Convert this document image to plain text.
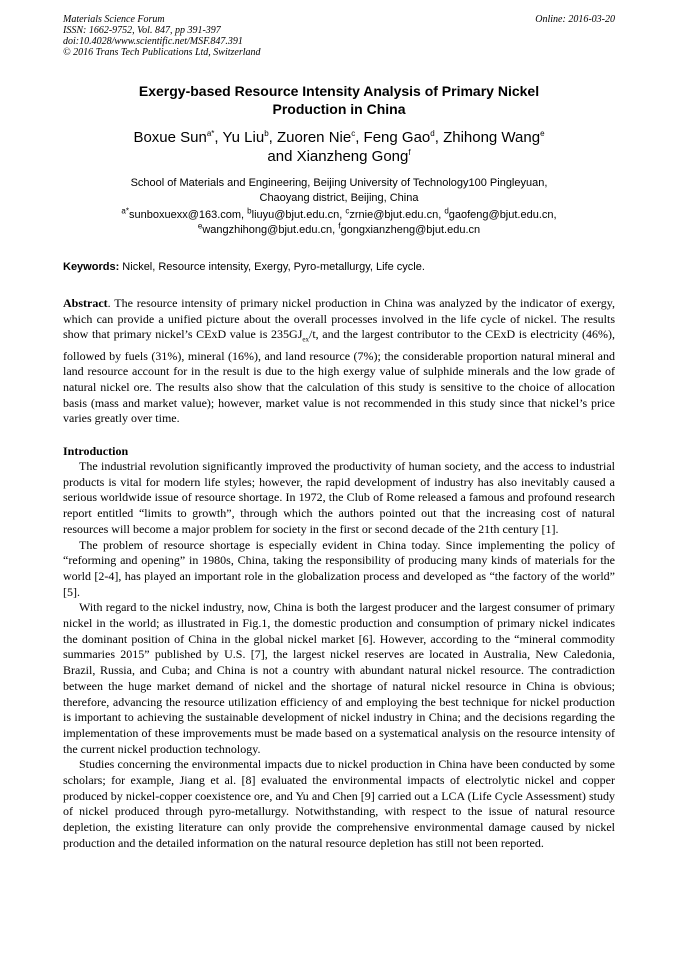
Materials Science Forum
ISSN: 1662-9752, Vol. 847, pp 391-397
doi:10.4028/www.scientific.net/MSF.847.391
© 2016 Trans Tech Publications Ltd, Switzerland
Online: 2016-03-20
Exergy-based Resource Intensity Analysis of Primary Nickel
Production in China
Boxue Sun$^{a*}$, Yu Liu$^b$, Zuoren Nie$^c$, Feng Gao$^d$, Zhihong Wang$^e$
and Xianzheng Gong$^f$
School of Materials and Engineering, Beijing University of Technology100 Pingleyuan,
Chaoyang district, Beijing, China
$^{a*}$sunboxuexx@163.com, $^b$liuyu@bjut.edu.cn, $^c$zrnie@bjut.edu.cn, $^d$gaofeng@bjut.edu.cn,
$^e$wangzhihong@bjut.edu.cn, $^f$gongxianzheng@bjut.edu.cn
Keywords: Nickel, Resource intensity, Exergy, Pyro-metallurgy, Life cycle.

Abstract. The resource intensity of primary nickel production in China was analyzed by the indicator of exergy, which can provide a unified picture about the overall processes involved in the life cycle of nickel. The results show that primary nickel’s CExD value is $235GJ_{ex}/t$, and the largest contributor to the CExD is electricity (46%), followed by fuels (31%), mineral (16%), and land resource (7%); the considerable proportion natural mineral and land resource account for in the result is due to the high exergy value of sulphide minerals and the low grade of natural nickel ore. The results also show that the calculation of this study is sensitive to the choice of allocation basis (mass and market value); however, market value is not recommended in this study since that nickel’s price varies greatly over time.

Introduction

The industrial revolution significantly improved the productivity of human society, and the access to industrial products is vital for modern life styles; however, the rapid development of industry has also inevitably caused a serious worldwide issue of resource shortage. In 1972, the Club of Rome released a famous and profound research report entitled “limits to growth”, through which the authors pointed out that the increasing cost of natural resources will become a major problem for society in the first or second decade of the 21th century [1].

The problem of resource shortage is especially evident in China today. Since implementing the policy of “reforming and opening” in 1980s, China, taking the responsibility of producing many kinds of materials for the world [2-4], has played an important role in the globalization process and developed as “the factory of the world” [5].

With regard to the nickel industry, now, China is both the largest producer and the largest consumer of primary nickel in the world; as illustrated in Fig.1, the domestic production and consumption of primary nickel indicates the dominant position of China in the global nickel market [6]. However, according to the “mineral commodity summaries 2015” published by U.S. [7], the largest nickel reserves are located in Australia, New Caledonia, Brazil, Russia, and Cuba; and China is not a country with abundant natural nickel resource. The contradiction between the huge market demand of nickel and the shortage of natural nickel resource in China is obvious; therefore, advancing the resource utilization efficiency of and employing the best technique for nickel production is important to achieving the sustainable development of nickel industry in China; and the decisions regarding the implementation of these improvements must be made based on a systematical analysis on the resource intensity of the current nickel production technology.

Studies concerning the environmental impacts due to nickel production in China have been conducted by some scholars; for example, Jiang et al. [8] evaluated the environmental impacts of electrolytic nickel and copper produced by nickel-copper coexistence ore, and Yu and Chen [9] carried out a LCA (Life Cycle Assessment) study of nickel produced through pyro-metallurgy. Notwithstanding, with respect to the issue of natural resource depletion, the existing literature can only provide the comprehensive environmental damage caused by nickel production and the detailed information on the natural resource depletion has still not been reported.
